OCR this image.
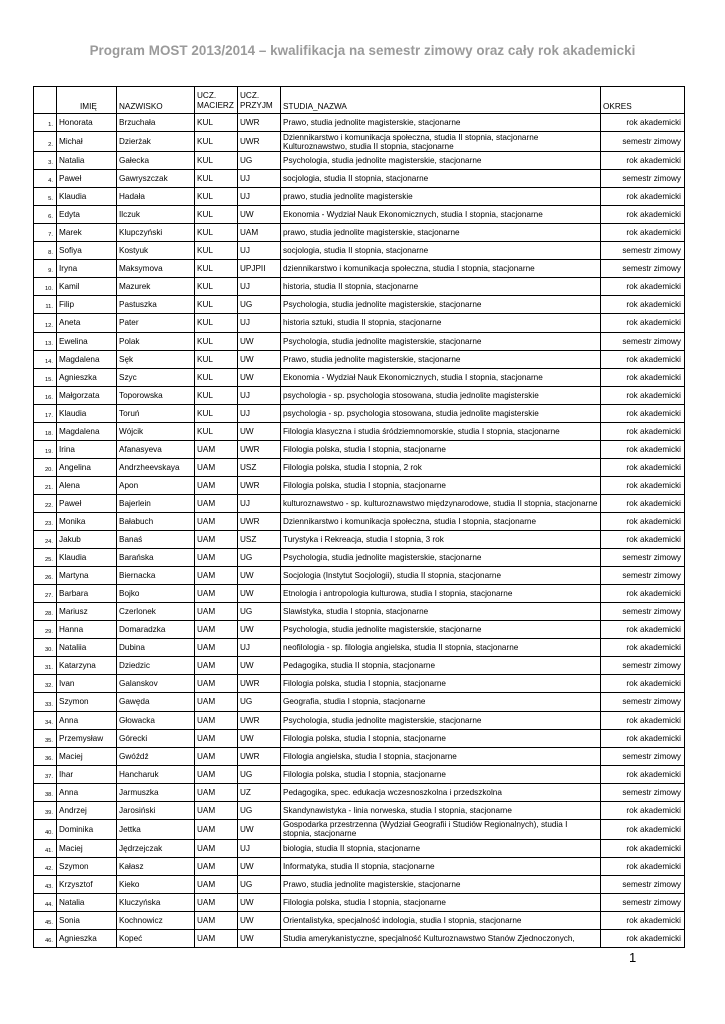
Program MOST 2013/2014 – kwalifikacja na semestr zimowy oraz cały rok akademicki
	IMIĘ	NAZWISKO	UCZ. MACIERZ	UCZ. PRZYJM	STUDIA_NAZWA	OKRES
1.	Honorata	Brzuchała	KUL	UWR	Prawo, studia jednolite magisterskie, stacjonarne	rok akademicki
2.	Michał	Dzierżak	KUL	UWR	Dziennikarstwo i komunikacja społeczna, studia II stopnia, stacjonarne Kulturoznawstwo, studia II stopnia, stacjonarne	semestr zimowy
3.	Natalia	Gałecka	KUL	UG	Psychologia, studia jednolite magisterskie, stacjonarne	rok akademicki
4.	Paweł	Gawryszczak	KUL	UJ	socjologia, studia II stopnia, stacjonarne	semestr zimowy
5.	Klaudia	Hadała	KUL	UJ	prawo, studia jednolite magisterskie	rok akademicki
6.	Edyta	Ilczuk	KUL	UW	Ekonomia - Wydział Nauk Ekonomicznych, studia I stopnia, stacjonarne	rok akademicki
7.	Marek	Klupczyński	KUL	UAM	prawo, studia jednolite magisterskie, stacjonarne	rok akademicki
8.	Sofiya	Kostyuk	KUL	UJ	socjologia, studia II stopnia, stacjonarne	semestr zimowy
9.	Iryna	Maksymova	KUL	UPJPII	dziennikarstwo i komunikacja społeczna, studia I stopnia, stacjonarne	semestr zimowy
10.	Kamil	Mazurek	KUL	UJ	historia, studia II stopnia, stacjonarne	rok akademicki
11.	Filip	Pastuszka	KUL	UG	Psychologia, studia jednolite magisterskie, stacjonarne	rok akademicki
12.	Aneta	Pater	KUL	UJ	historia sztuki, studia II stopnia, stacjonarne	rok akademicki
13.	Ewelina	Polak	KUL	UW	Psychologia, studia jednolite magisterskie, stacjonarne	semestr zimowy
14.	Magdalena	Sęk	KUL	UW	Prawo, studia jednolite magisterskie, stacjonarne	rok akademicki
15.	Agnieszka	Szyc	KUL	UW	Ekonomia - Wydział Nauk Ekonomicznych, studia I stopnia, stacjonarne	rok akademicki
16.	Małgorzata	Toporowska	KUL	UJ	psychologia - sp. psychologia stosowana, studia jednolite magisterskie	rok akademicki
17.	Klaudia	Toruń	KUL	UJ	psychologia - sp. psychologia stosowana, studia jednolite magisterskie	rok akademicki
18.	Magdalena	Wójcik	KUL	UW	Filologia klasyczna i studia śródziemnomorskie, studia I stopnia, stacjonarne	rok akademicki
19.	Irina	Afanasyeva	UAM	UWR	Filologia polska, studia I stopnia, stacjonarne	rok akademicki
20.	Angelina	Andrzheevskaya	UAM	USZ	Filologia polska, studia I stopnia, 2 rok	rok akademicki
21.	Alena	Apon	UAM	UWR	Filologia polska, studia I stopnia, stacjonarne	rok akademicki
22.	Paweł	Bajerlein	UAM	UJ	kulturoznawstwo - sp. kulturoznawstwo międzynarodowe, studia II stopnia, stacjonarne	rok akademicki
23.	Monika	Bałabuch	UAM	UWR	Dziennikarstwo i komunikacja społeczna, studia I stopnia, stacjonarne	rok akademicki
24.	Jakub	Banaś	UAM	USZ	Turystyka i Rekreacja, studia I stopnia, 3 rok	rok akademicki
25.	Klaudia	Barańska	UAM	UG	Psychologia, studia jednolite magisterskie, stacjonarne	semestr zimowy
26.	Martyna	Biernacka	UAM	UW	Socjologia (Instytut Socjologii), studia II stopnia, stacjonarne	semestr zimowy
27.	Barbara	Bojko	UAM	UW	Etnologia i antropologia kulturowa, studia I stopnia, stacjonarne	rok akademicki
28.	Mariusz	Czerlonek	UAM	UG	Slawistyka, studia I stopnia, stacjonarne	semestr zimowy
29.	Hanna	Domaradzka	UAM	UW	Psychologia, studia jednolite magisterskie, stacjonarne	rok akademicki
30.	Nataliia	Dubina	UAM	UJ	neofilologia - sp. filologia angielska, studia II stopnia, stacjonarne	rok akademicki
31.	Katarzyna	Dziedzic	UAM	UW	Pedagogika, studia II stopnia, stacjonarne	semestr zimowy
32.	Ivan	Galanskov	UAM	UWR	Filologia polska, studia I stopnia, stacjonarne	rok akademicki
33.	Szymon	Gawęda	UAM	UG	Geografia, studia I stopnia, stacjonarne	semestr zimowy
34.	Anna	Głowacka	UAM	UWR	Psychologia, studia jednolite magisterskie, stacjonarne	rok akademicki
35.	Przemysław	Górecki	UAM	UW	Filologia polska, studia I stopnia, stacjonarne	rok akademicki
36.	Maciej	Gwóźdź	UAM	UWR	Filologia angielska, studia I stopnia, stacjonarne	semestr zimowy
37.	Ihar	Hancharuk	UAM	UG	Filologia polska, studia I stopnia, stacjonarne	rok akademicki
38.	Anna	Jarmuszka	UAM	UZ	Pedagogika, spec. edukacja wczesnoszkolna i przedszkolna	semestr zimowy
39.	Andrzej	Jarosiński	UAM	UG	Skandynawistyka - linia norweska, studia I stopnia, stacjonarne	rok akademicki
40.	Dominika	Jettka	UAM	UW	Gospodarka przestrzenna (Wydział Geografii i Studiów Regionalnych), studia I stopnia, stacjonarne	rok akademicki
41.	Maciej	Jędrzejczak	UAM	UJ	biologia, studia II stopnia, stacjonarne	rok akademicki
42.	Szymon	Kałasz	UAM	UW	Informatyka, studia II stopnia, stacjonarne	rok akademicki
43.	Krzysztof	Kieko	UAM	UG	Prawo, studia jednolite magisterskie, stacjonarne	semestr zimowy
44.	Natalia	Kluczyńska	UAM	UW	Filologia polska, studia I stopnia, stacjonarne	semestr zimowy
45.	Sonia	Kochnowicz	UAM	UW	Orientalistyka, specjalność indologia, studia I stopnia, stacjonarne	rok akademicki
46.	Agnieszka	Kopeć	UAM	UW	Studia amerykanistyczne, specjalność Kulturoznawstwo Stanów Zjednoczonych,	rok akademicki
1
